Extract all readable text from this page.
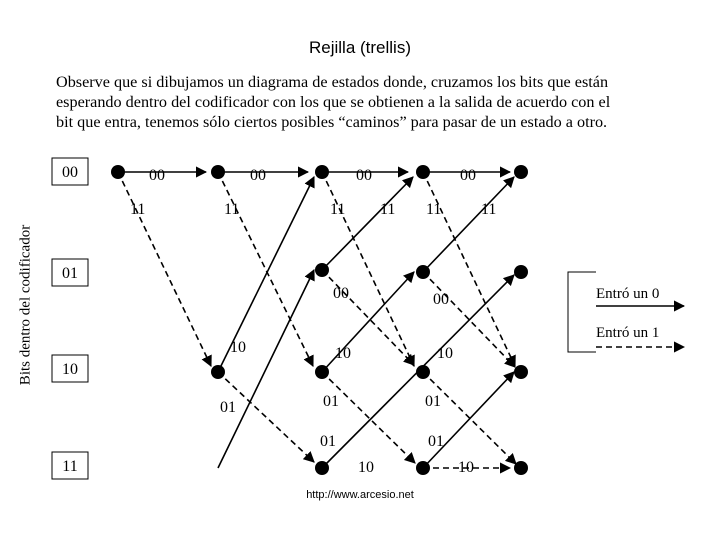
Rejilla (trellis)
Observe que si dibujamos un diagrama de estados donde, cruzamos los bits que están
esperando dentro del codificador con los que se obtienen a la salida de acuerdo con el
bit que entra, tenemos sólo ciertos posibles “caminos” para pasar de un estado a otro.
Bits dentro del codificador
00
01
10
11
00	00	00	00
11	11	11 11 11 11
00	00
10	10	10
01	01	01
01	01
10	10
Entró un 0
Entró un 1
http://www.arcesio.net
